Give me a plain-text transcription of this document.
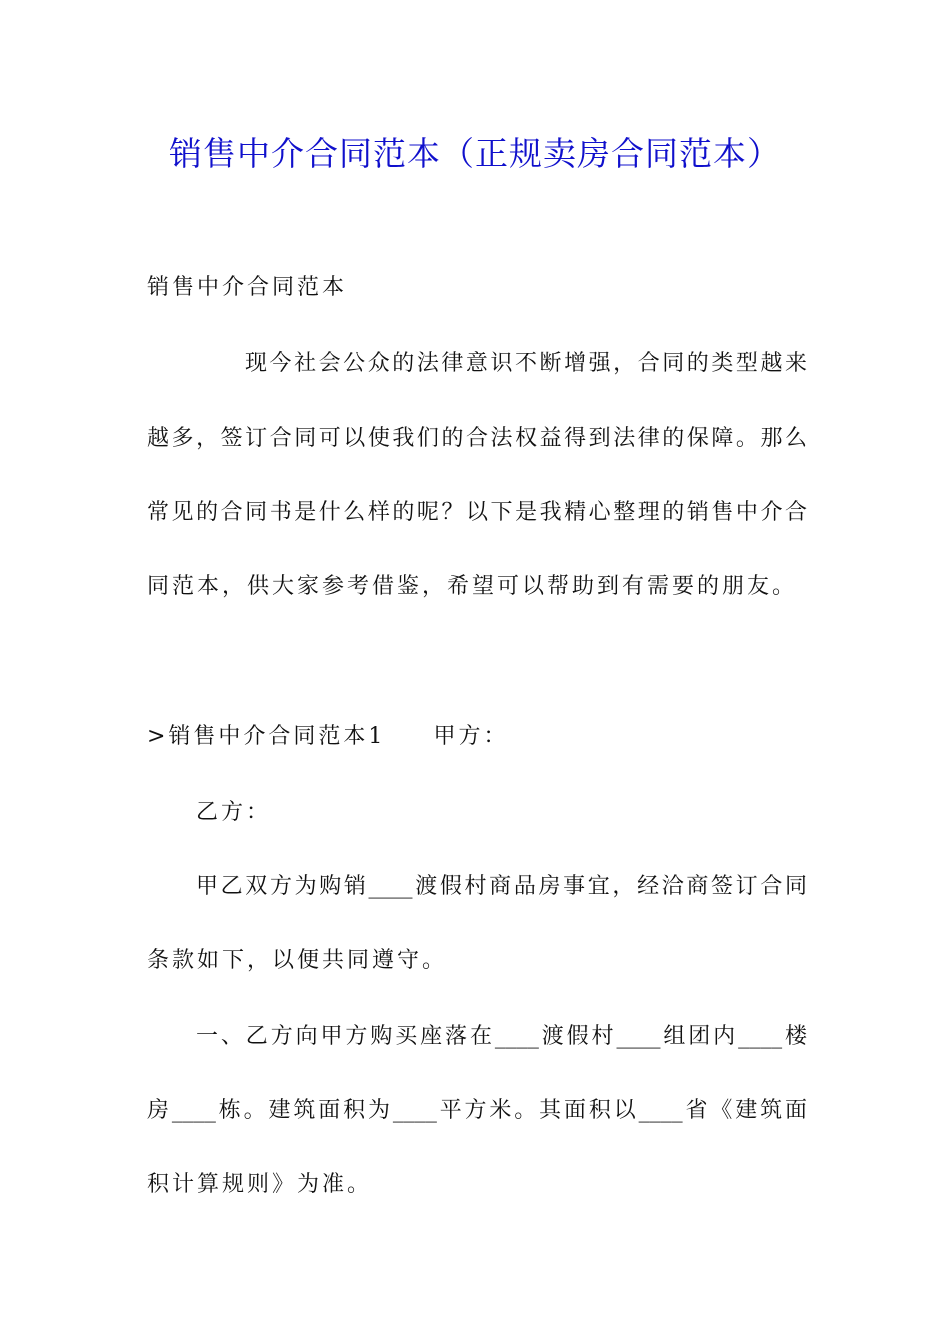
销售中介合同范本（正规卖房合同范本）
销售中介合同范本
现今社会公众的法律意识不断增强，合同的类型越来
越多，签订合同可以使我们的合法权益得到法律的保障。那么
常见的合同书是什么样的呢？以下是我精心整理的销售中介合
同范本，供大家参考借鉴，希望可以帮助到有需要的朋友。
>销售中介合同范本1 甲方：
乙方：
甲乙双方为购销____渡假村商品房事宜，经洽商签订合同
条款如下，以便共同遵守。
一、乙方向甲方购买座落在____渡假村____组团内____楼
房____栋。建筑面积为____平方米。其面积以____省《建筑面
积计算规则》为准。
